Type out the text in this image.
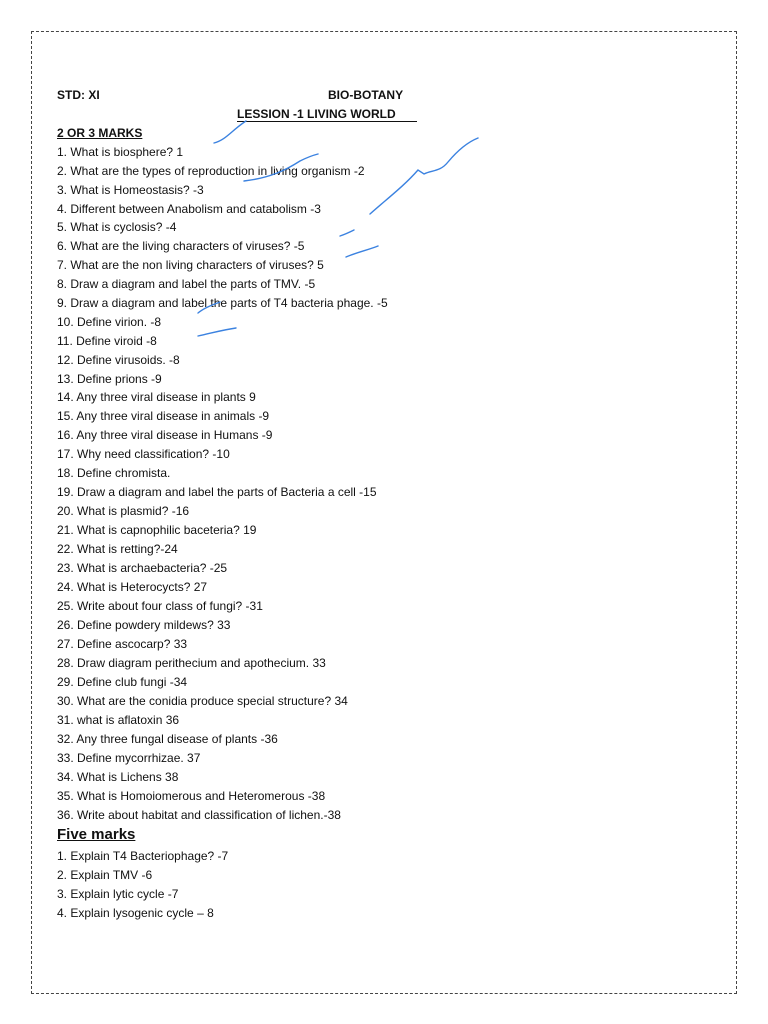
STD: XI	BIO-BOTANY
LESSION -1 LIVING WORLD
2 OR 3 MARKS
1. What is biosphere? 1
2. What are the types of reproduction in living organism -2
3. What is Homeostasis? -3
4. Different between Anabolism and catabolism -3
5. What is cyclosis? -4
6. What are the living characters of viruses? -5
7. What are the non living characters of viruses? 5
8. Draw a diagram and label the parts of TMV. -5
9. Draw a diagram and label the parts of T4 bacteria phage. -5
10. Define virion. -8
11. Define viroid -8
12. Define virusoids. -8
13. Define prions -9
14. Any three viral disease in plants 9
15. Any three viral disease in animals -9
16. Any three viral disease in Humans -9
17. Why need classification? -10
18. Define chromista.
19. Draw a diagram and label the parts of Bacteria a cell -15
20. What is plasmid? -16
21. What is capnophilic baceteria? 19
22. What is retting?-24
23. What is archaebacteria? -25
24. What is Heterocycts? 27
25. Write about four class of fungi? -31
26. Define powdery mildews? 33
27. Define ascocarp? 33
28. Draw diagram perithecium and apothecium. 33
29. Define club fungi -34
30. What are the conidia produce special structure? 34
31. what is aflatoxin 36
32. Any three fungal disease of plants -36
33. Define mycorrhizae. 37
34. What is Lichens 38
35. What is Homoiomerous and Heteromerous -38
36. Write about habitat and classification of lichen.-38
Five marks
1. Explain T4 Bacteriophage? -7
2. Explain TMV -6
3. Explain lytic cycle -7
4. Explain lysogenic cycle – 8
